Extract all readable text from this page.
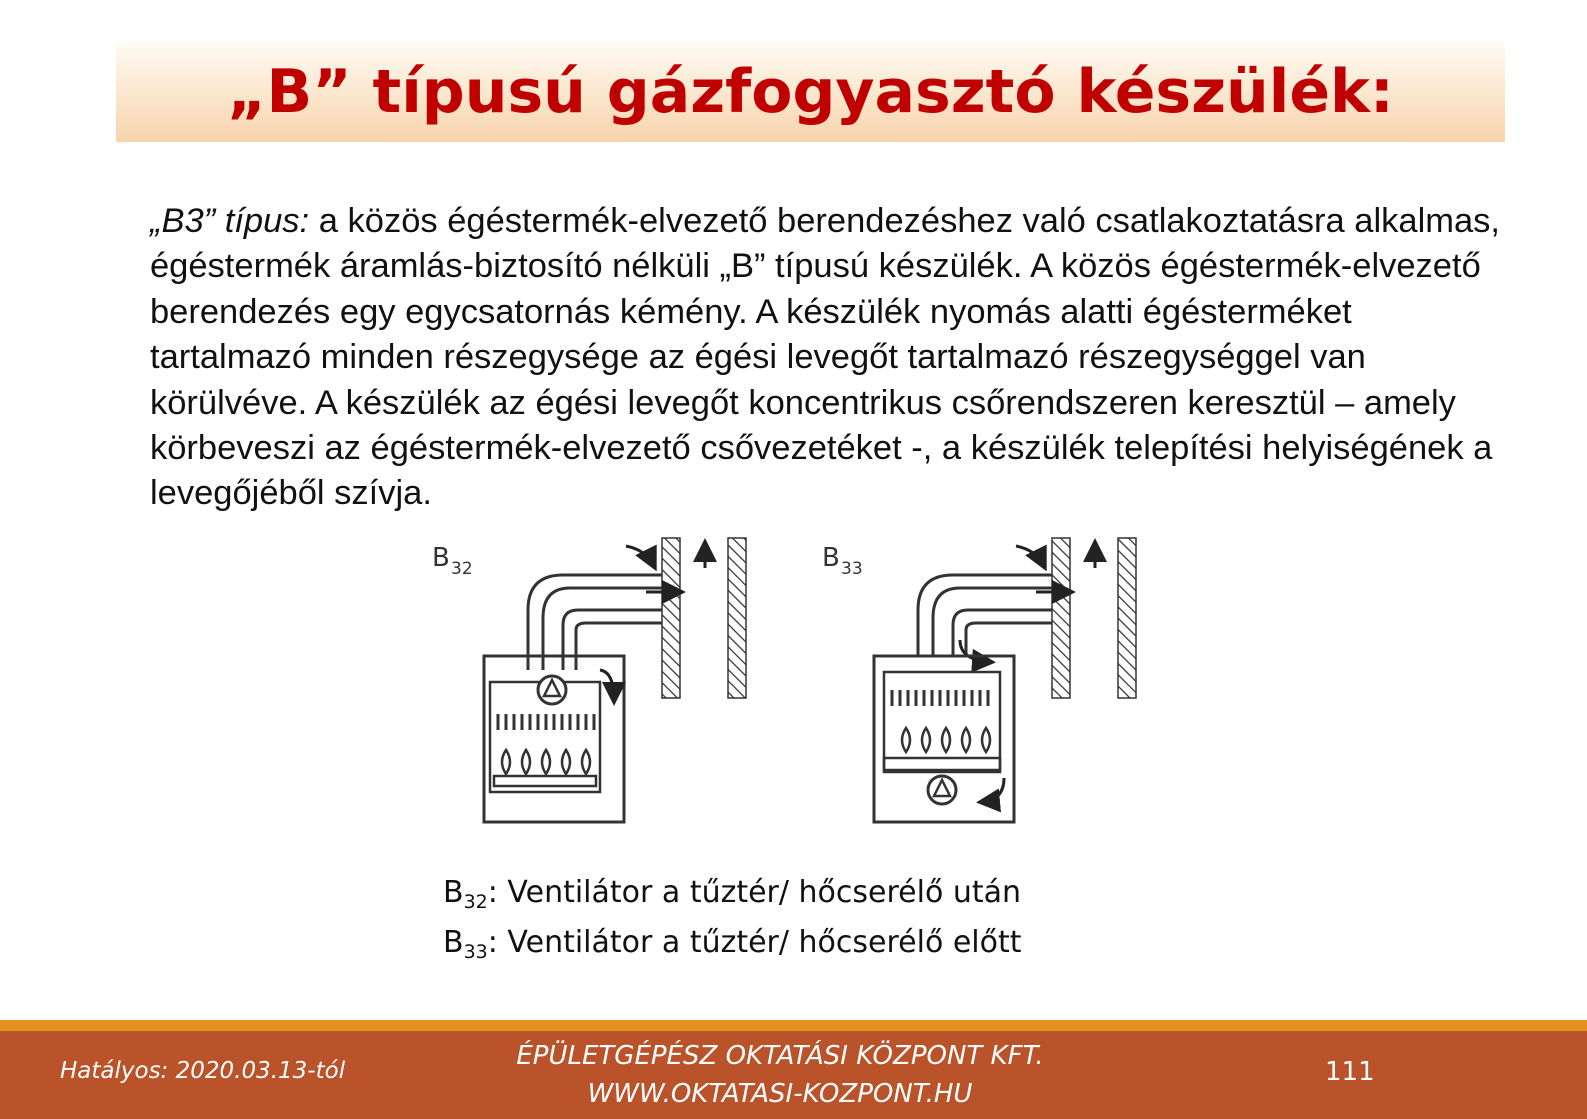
„B” típusú gázfogyasztó készülék:
„B3” típus: a közös égéstermék-elvezető berendezéshez való csatlakoztatásra alkalmas, égéstermék áramlás-biztosító nélküli „B” típusú készülék. A közös égéstermék-elvezető berendezés egy egycsatornás kémény. A készülék nyomás alatti égésterméket tartalmazó minden részegysége az égési levegőt tartalmazó részegységgel van körülvéve. A készülék az égési levegőt koncentrikus csőrendszeren keresztül – amely körbeveszi az égéstermék-elvezető csővezetéket -, a készülék telepítési helyiségének a levegőjéből szívja.
B 32	B 33
$B_{32}$: Ventilátor a tűztér/ hőcserélő után
$B_{33}$: Ventilátor a tűztér/ hőcserélő előtt
Hatályos: 2020.03.13-tól	ÉPÜLETGÉPÉSZ OKTATÁSI KÖZPONT KFT.
WWW.OKTATASI-KOZPONT.HU
111
